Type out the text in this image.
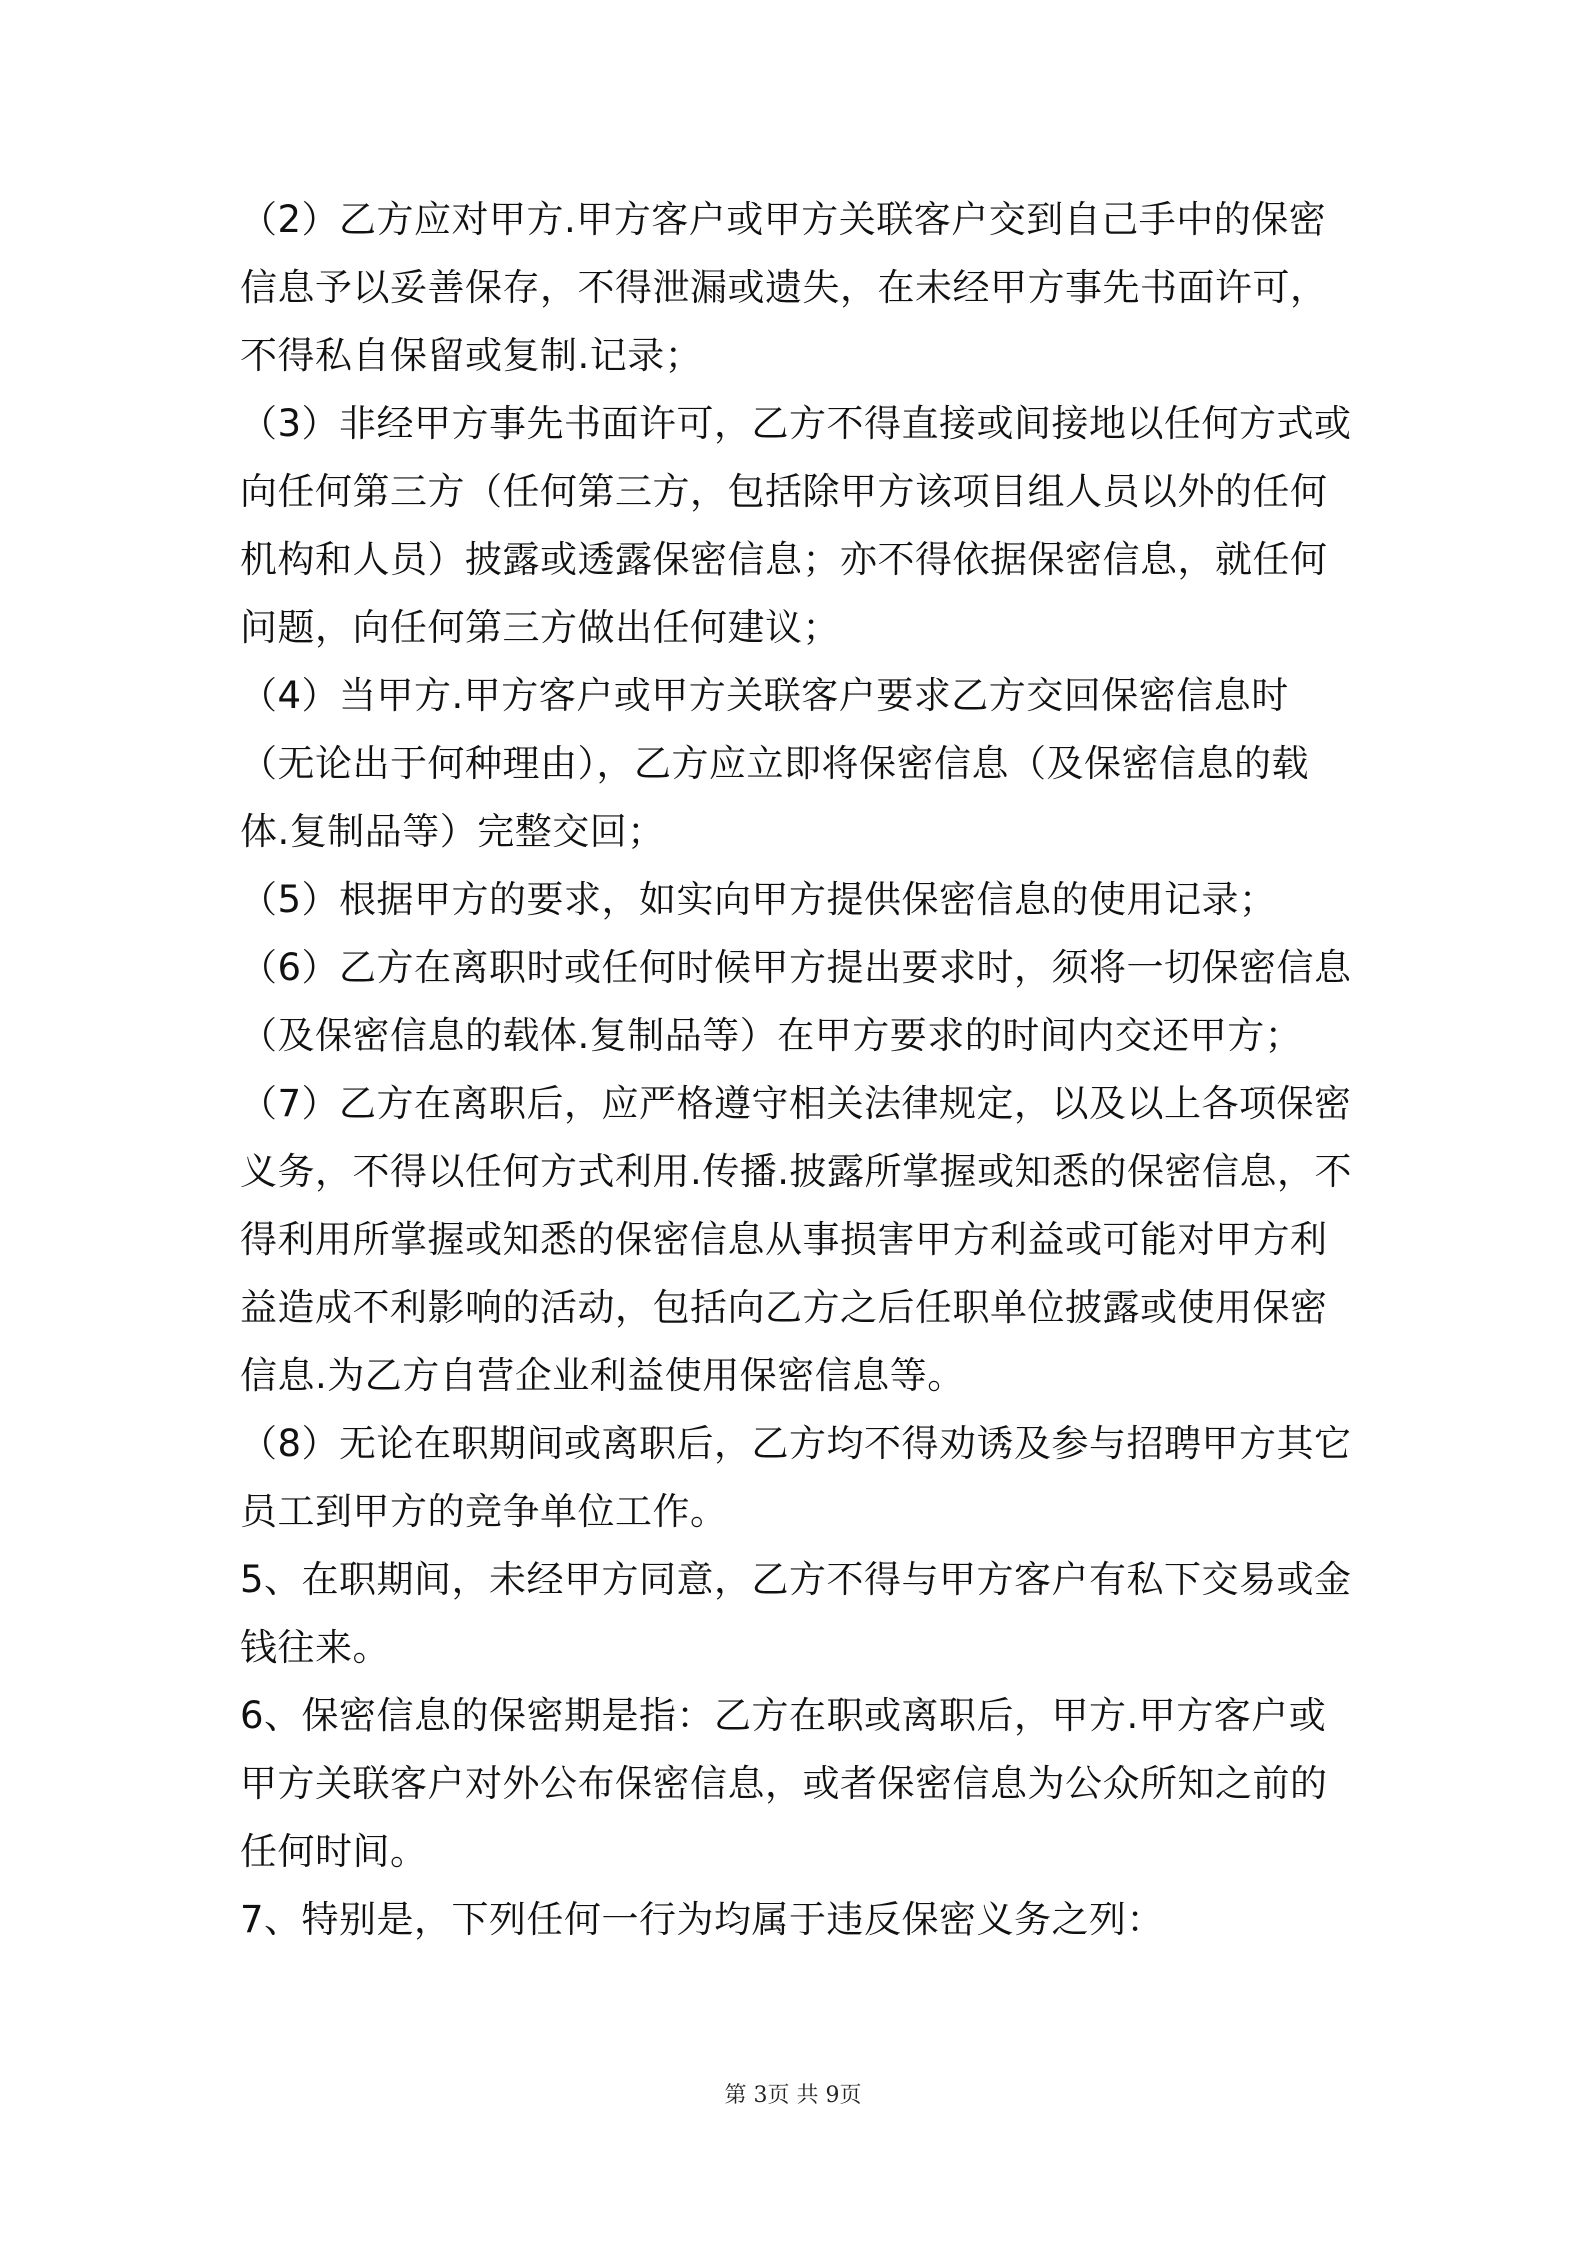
（2）乙方应对甲方.甲方客户或甲方关联客户交到自己手中的保密
信息予以妥善保存，不得泄漏或遗失，在未经甲方事先书面许可，
不得私自保留或复制.记录；
（3）非经甲方事先书面许可，乙方不得直接或间接地以任何方式或
向任何第三方（任何第三方，包括除甲方该项目组人员以外的任何
机构和人员）披露或透露保密信息；亦不得依据保密信息，就任何
问题，向任何第三方做出任何建议；
（4）当甲方.甲方客户或甲方关联客户要求乙方交回保密信息时
（无论出于何种理由），乙方应立即将保密信息（及保密信息的载
体.复制品等）完整交回；
（5）根据甲方的要求，如实向甲方提供保密信息的使用记录；
（6）乙方在离职时或任何时候甲方提出要求时，须将一切保密信息
（及保密信息的载体.复制品等）在甲方要求的时间内交还甲方；
（7）乙方在离职后，应严格遵守相关法律规定，以及以上各项保密
义务，不得以任何方式利用.传播.披露所掌握或知悉的保密信息，不
得利用所掌握或知悉的保密信息从事损害甲方利益或可能对甲方利
益造成不利影响的活动，包括向乙方之后任职单位披露或使用保密
信息.为乙方自营企业利益使用保密信息等。
（8）无论在职期间或离职后，乙方均不得劝诱及参与招聘甲方其它
员工到甲方的竞争单位工作。
5、在职期间，未经甲方同意，乙方不得与甲方客户有私下交易或金
钱往来。
6、保密信息的保密期是指：乙方在职或离职后，甲方.甲方客户或
甲方关联客户对外公布保密信息，或者保密信息为公众所知之前的
任何时间。
7、特别是，下列任何一行为均属于违反保密义务之列：
第 3页 共 9页
